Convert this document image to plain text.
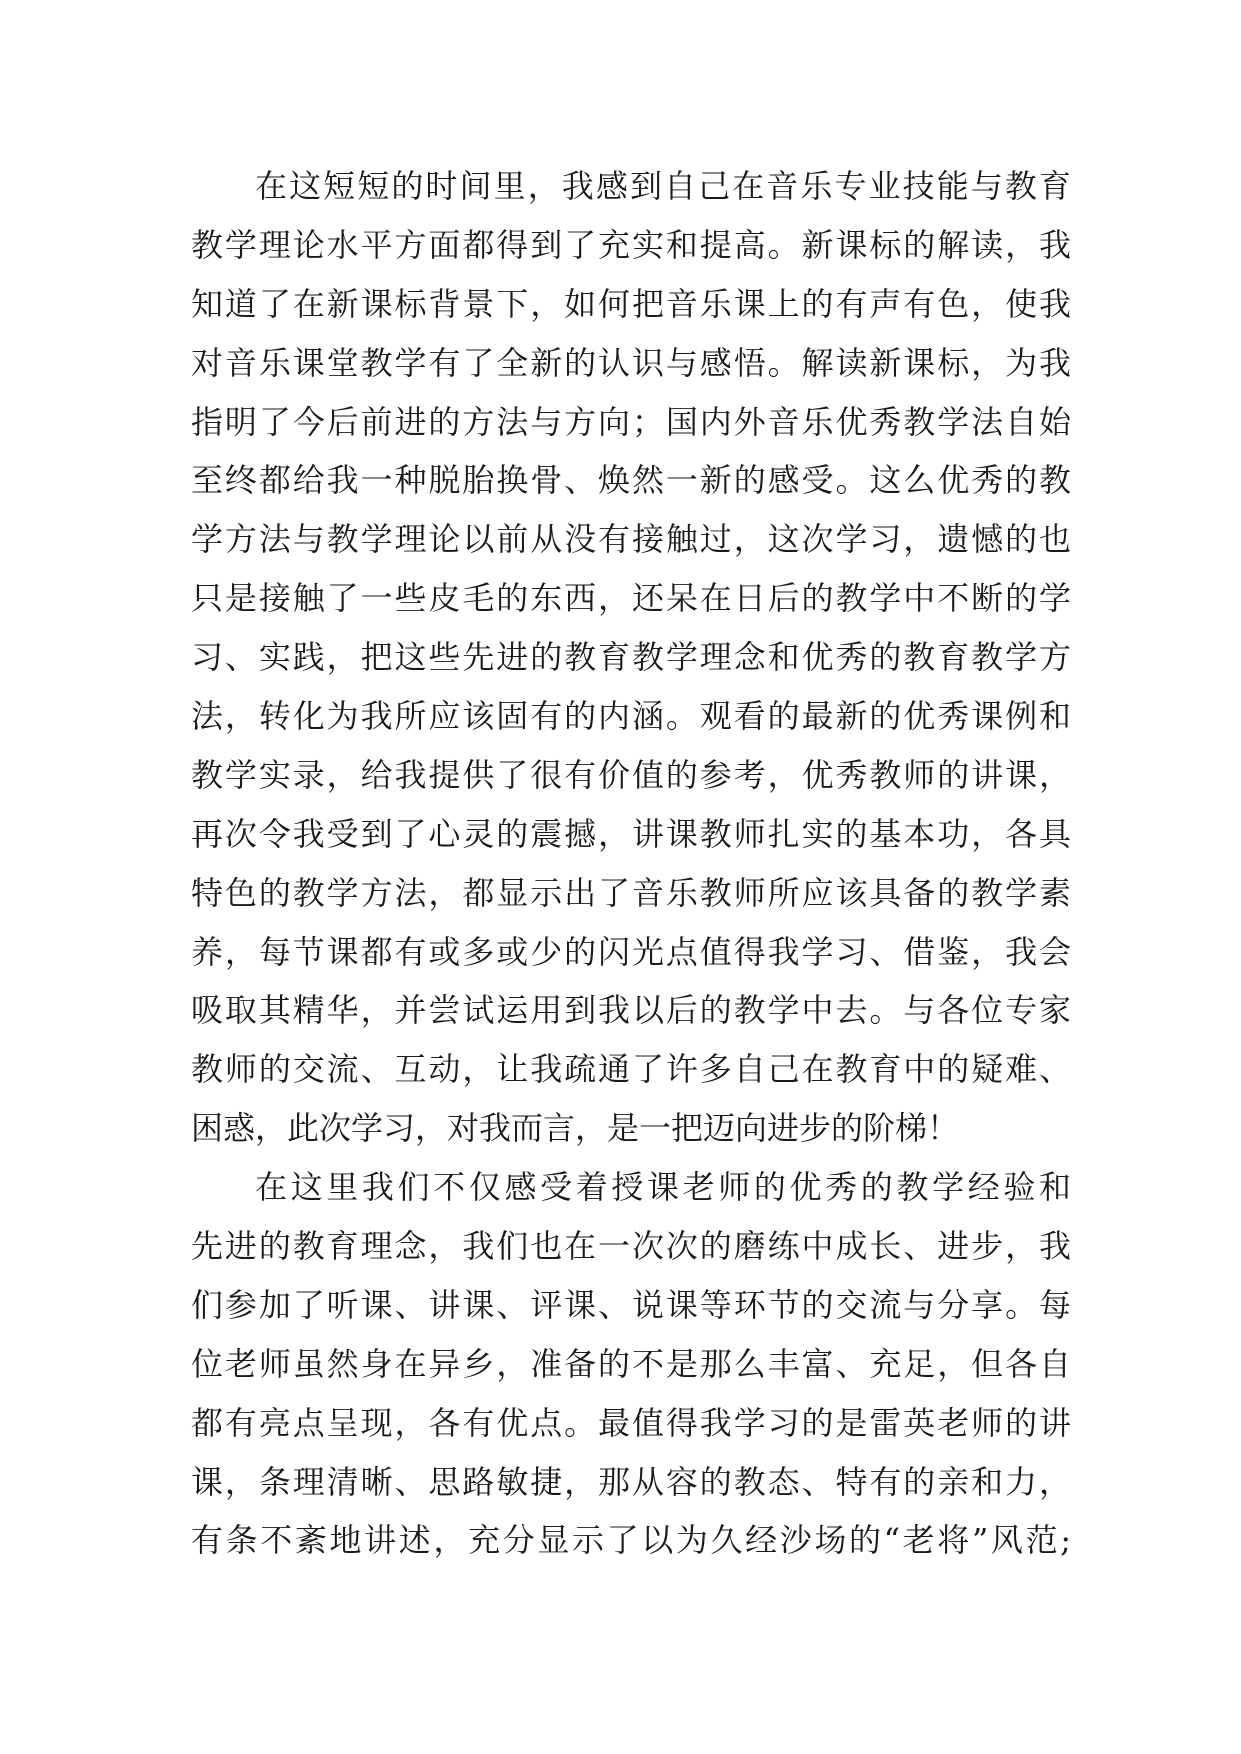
在这短短的时间里，我感到自己在音乐专业技能与教育
教学理论水平方面都得到了充实和提高。新课标的解读，我
知道了在新课标背景下，如何把音乐课上的有声有色，使我
对音乐课堂教学有了全新的认识与感悟。解读新课标，为我
指明了今后前进的方法与方向；国内外音乐优秀教学法自始
至终都给我一种脱胎换骨、焕然一新的感受。这么优秀的教
学方法与教学理论以前从没有接触过，这次学习，遗憾的也
只是接触了一些皮毛的东西，还呆在日后的教学中不断的学
习、实践，把这些先进的教育教学理念和优秀的教育教学方
法，转化为我所应该固有的内涵。观看的最新的优秀课例和
教学实录，给我提供了很有价值的参考，优秀教师的讲课，
再次令我受到了心灵的震撼，讲课教师扎实的基本功，各具
特色的教学方法，都显示出了音乐教师所应该具备的教学素
养，每节课都有或多或少的闪光点值得我学习、借鉴，我会
吸取其精华，并尝试运用到我以后的教学中去。与各位专家
教师的交流、互动，让我疏通了许多自己在教育中的疑难、
困惑，此次学习，对我而言，是一把迈向进步的阶梯！
在这里我们不仅感受着授课老师的优秀的教学经验和
先进的教育理念，我们也在一次次的磨练中成长、进步，我
们参加了听课、讲课、评课、说课等环节的交流与分享。每
位老师虽然身在异乡，准备的不是那么丰富、充足，但各自
都有亮点呈现，各有优点。最值得我学习的是雷英老师的讲
课，条理清晰、思路敏捷，那从容的教态、特有的亲和力，
有条不紊地讲述，充分显示了以为久经沙场的“老将”风范;
